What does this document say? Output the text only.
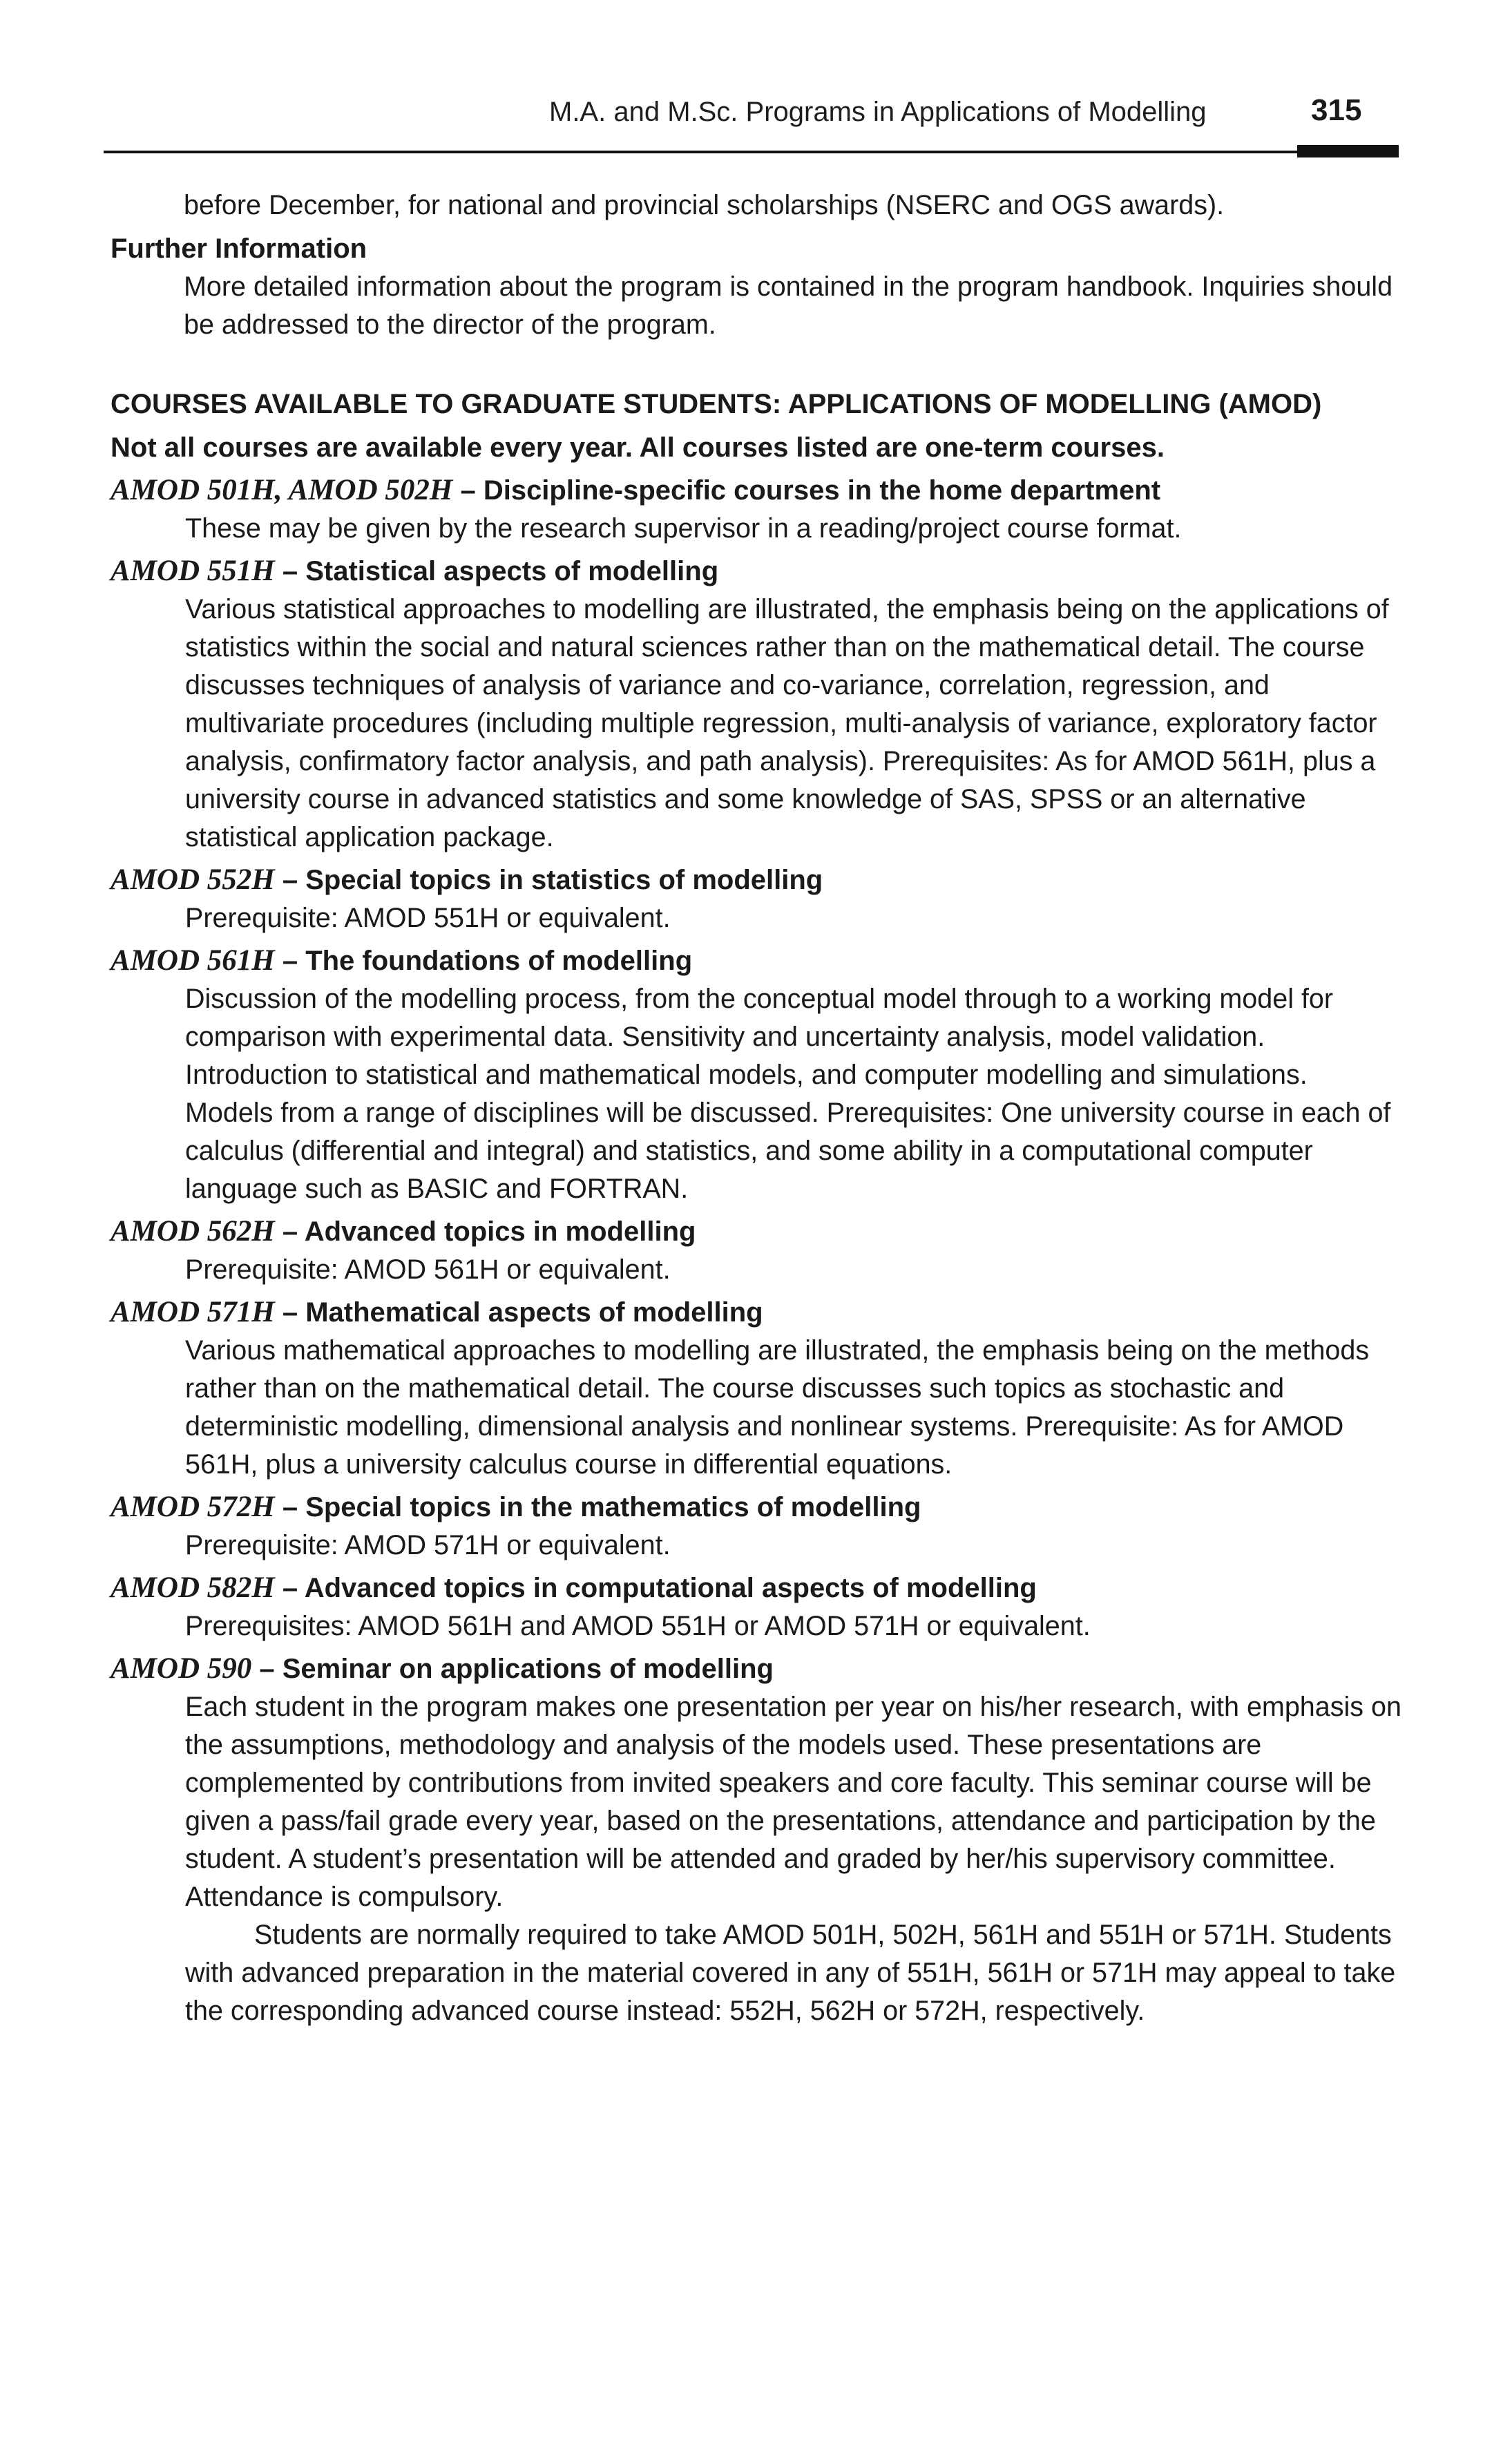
M.A. and M.Sc. Programs in Applications of Modelling	315

before December, for national and provincial scholarships (NSERC and OGS awards).

Further Information

More detailed information about the program is contained in the program handbook. Inquiries should be addressed to the director of the program.

COURSES AVAILABLE TO GRADUATE STUDENTS: APPLICATIONS OF MODELLING (AMOD)

Not all courses are available every year. All courses listed are one-term courses.

AMOD 501H, AMOD 502H – Discipline-specific courses in the home department
These may be given by the research supervisor in a reading/project course format.
AMOD 551H – Statistical aspects of modelling
Various statistical approaches to modelling are illustrated, the emphasis being on the applications of statistics within the social and natural sciences rather than on the mathematical detail. The course discusses techniques of analysis of variance and co-variance, correlation, regression, and multivariate procedures (including multiple regression, multi-analysis of variance, exploratory factor analysis, confirmatory factor analysis, and path analysis). Prerequisites: As for AMOD 561H, plus a university course in advanced statistics and some knowledge of SAS, SPSS or an alternative statistical application package.
AMOD 552H – Special topics in statistics of modelling
Prerequisite: AMOD 551H or equivalent.
AMOD 561H – The foundations of modelling
Discussion of the modelling process, from the conceptual model through to a working model for comparison with experimental data. Sensitivity and uncertainty analysis, model validation. Introduction to statistical and mathematical models, and computer modelling and simulations. Models from a range of disciplines will be discussed. Prerequisites: One university course in each of calculus (differential and integral) and statistics, and some ability in a computational computer language such as BASIC and FORTRAN.
AMOD 562H – Advanced topics in modelling
Prerequisite: AMOD 561H or equivalent.
AMOD 571H – Mathematical aspects of modelling
Various mathematical approaches to modelling are illustrated, the emphasis being on the methods rather than on the mathematical detail. The course discusses such topics as stochastic and deterministic modelling, dimensional analysis and nonlinear systems. Prerequisite: As for AMOD 561H, plus a university calculus course in differential equations.
AMOD 572H – Special topics in the mathematics of modelling
Prerequisite: AMOD 571H or equivalent.
AMOD 582H – Advanced topics in computational aspects of modelling
Prerequisites: AMOD 561H and AMOD 551H or AMOD 571H or equivalent.
AMOD 590 – Seminar on applications of modelling
Each student in the program makes one presentation per year on his/her research, with emphasis on the assumptions, methodology and analysis of the models used. These presentations are complemented by contributions from invited speakers and core faculty. This seminar course will be given a pass/fail grade every year, based on the presentations, attendance and participation by the student. A student’s presentation will be attended and graded by her/his supervisory committee. Attendance is compulsory.
Students are normally required to take AMOD 501H, 502H, 561H and 551H or 571H. Students with advanced preparation in the material covered in any of 551H, 561H or 571H may appeal to take the corresponding advanced course instead: 552H, 562H or 572H, respectively.
